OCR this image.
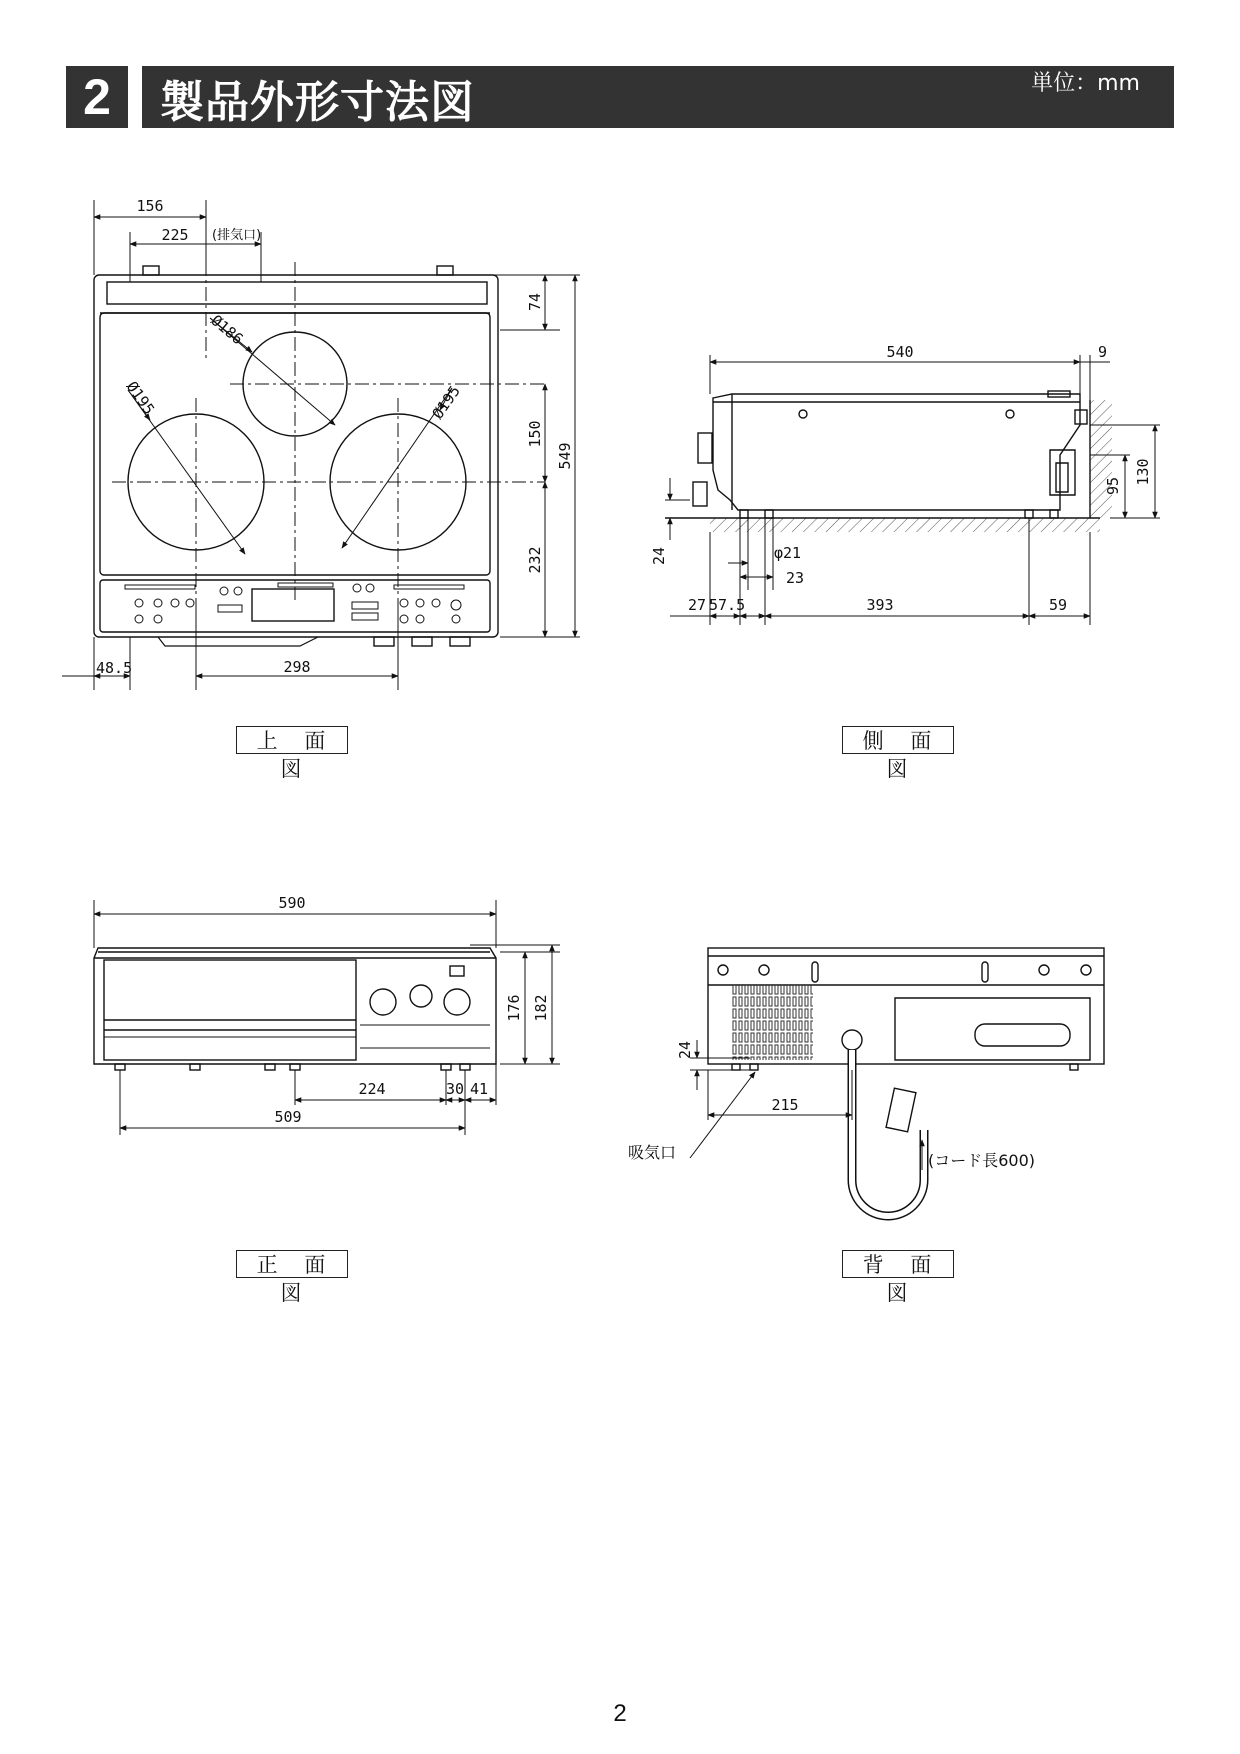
2	製品外形寸法図	単位：mm
156
225 (排気口)
74
150
232
549
48.5	298
Ø186
Ø195	Ø195
540	9
130
95
24	φ21
23
27 57.5	393	59
590
176 182
224	30 41
509
24
215
吸気口	(コード長600)
上 面 図
側 面 図
正 面 図
背 面 図
2
